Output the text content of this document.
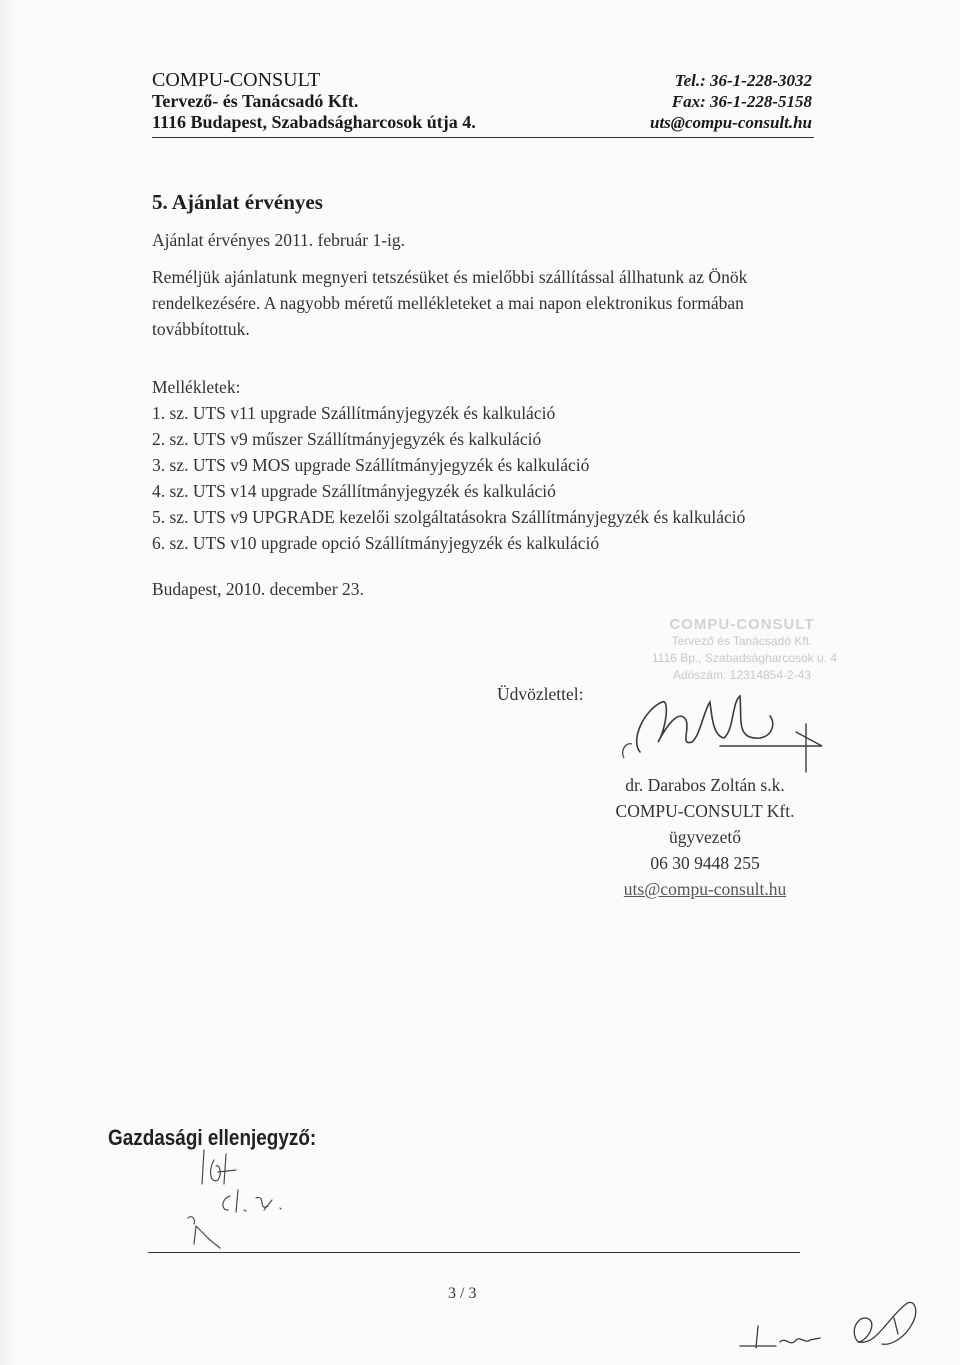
COMPU-CONSULT
Tervező- és Tanácsadó Kft.
1116 Budapest, Szabadságharcosok útja 4.
Tel.: 36-1-228-3032
Fax: 36-1-228-5158
uts@compu-consult.hu
5. Ajánlat érvényes
Ajánlat érvényes 2011. február 1-ig.
Reméljük ajánlatunk megnyeri tetszésüket és mielőbbi szállítással állhatunk az Önök
rendelkezésére. A nagyobb méretű mellékleteket a mai napon elektronikus formában
továbbítottuk.
Mellékletek:
1. sz. UTS v11 upgrade Szállítmányjegyzék és kalkuláció
2. sz. UTS v9 műszer Szállítmányjegyzék és kalkuláció
3. sz. UTS v9 MOS upgrade Szállítmányjegyzék és kalkuláció
4. sz. UTS v14 upgrade Szállítmányjegyzék és kalkuláció
5. sz. UTS v9 UPGRADE kezelői szolgáltatásokra Szállítmányjegyzék és kalkuláció
6. sz. UTS v10 upgrade opció Szállítmányjegyzék és kalkuláció
Budapest, 2010. december 23.
COMPU-CONSULT
Tervező és Tanácsadó Kft.
1116 Bp., Szabadságharcosok u. 4
Adószám: 12314854-2-43
Üdvözlettel:
dr. Darabos Zoltán s.k.
COMPU-CONSULT Kft.
ügyvezető
06 30 9448 255
uts@compu-consult.hu
Gazdasági ellenjegyző:
3 / 3
